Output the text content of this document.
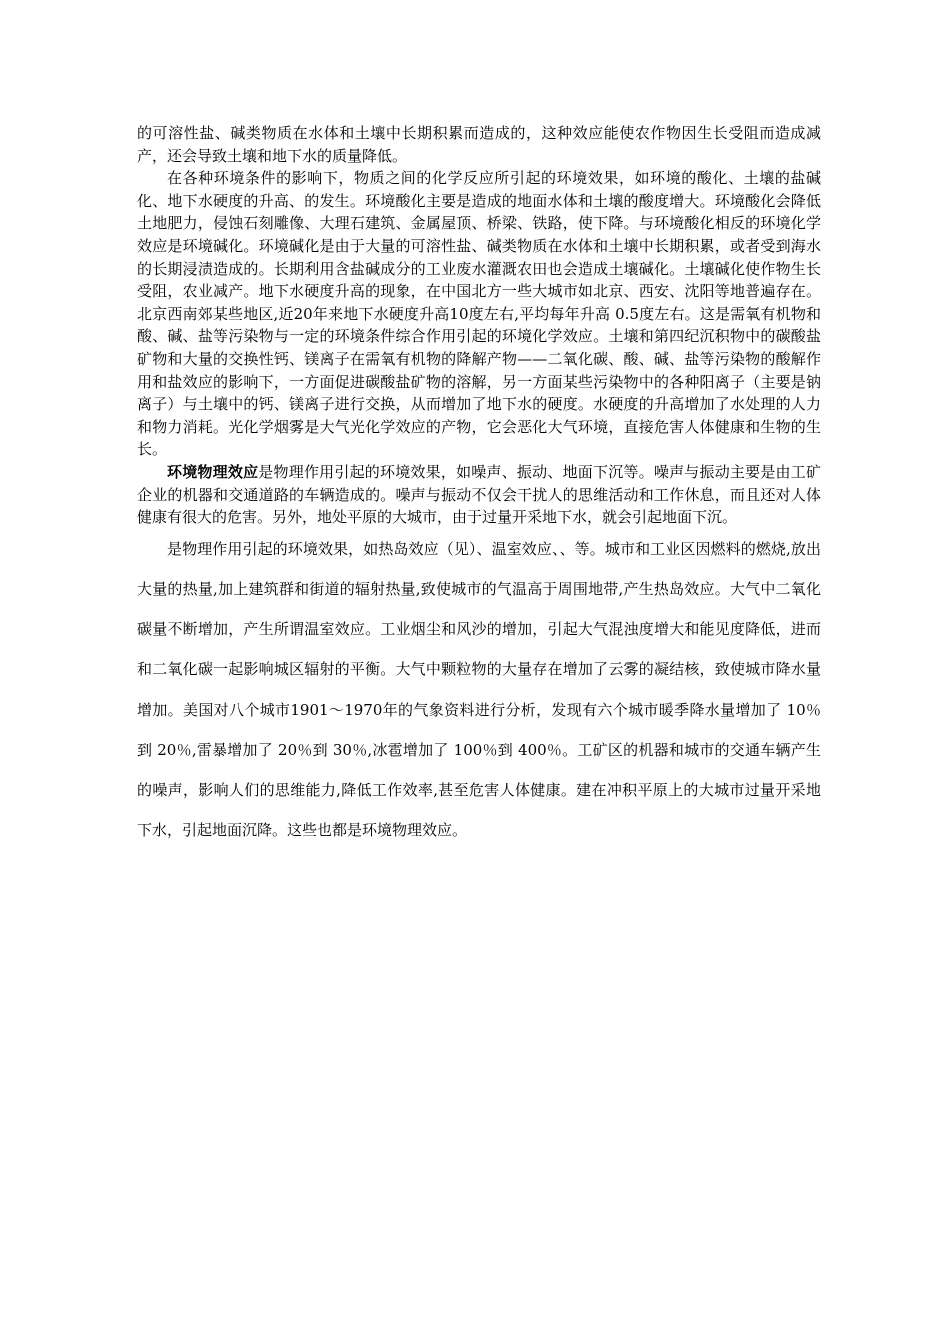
的可溶性盐、碱类物质在水体和土壤中长期积累而造成的，这种效应能使农作物因生长受阻而造成减产，还会导致土壤和地下水的质量降低。

在各种环境条件的影响下，物质之间的化学反应所引起的环境效果，如环境的酸化、土壤的盐碱化、地下水硬度的升高、的发生。环境酸化主要是造成的地面水体和土壤的酸度增大。环境酸化会降低土地肥力，侵蚀石刻雕像、大理石建筑、金属屋顶、桥梁、铁路，使下降。与环境酸化相反的环境化学效应是环境碱化。环境碱化是由于大量的可溶性盐、碱类物质在水体和土壤中长期积累，或者受到海水的长期浸渍造成的。长期利用含盐碱成分的工业废水灌溉农田也会造成土壤碱化。土壤碱化使作物生长受阻，农业减产。地下水硬度升高的现象，在中国北方一些大城市如北京、西安、沈阳等地普遍存在。北京西南郊某些地区,近20年来地下水硬度升高10度左右,平均每年升高 0.5度左右。这是需氧有机物和酸、碱、盐等污染物与一定的环境条件综合作用引起的环境化学效应。土壤和第四纪沉积物中的碳酸盐矿物和大量的交换性钙、镁离子在需氧有机物的降解产物——二氧化碳、酸、碱、盐等污染物的酸解作用和盐效应的影响下，一方面促进碳酸盐矿物的溶解，另一方面某些污染物中的各种阳离子（主要是钠离子）与土壤中的钙、镁离子进行交换，从而增加了地下水的硬度。水硬度的升高增加了水处理的人力和物力消耗。光化学烟雾是大气光化学效应的产物，它会恶化大气环境，直接危害人体健康和生物的生长。

环境物理效应是物理作用引起的环境效果，如噪声、振动、地面下沉等。噪声与振动主要是由工矿企业的机器和交通道路的车辆造成的。噪声与振动不仅会干扰人的思维活动和工作休息，而且还对人体健康有很大的危害。另外，地处平原的大城市，由于过量开采地下水，就会引起地面下沉。

是物理作用引起的环境效果，如热岛效应（见）、温室效应、、等。城市和工业区因燃料的燃烧,放出大量的热量,加上建筑群和街道的辐射热量,致使城市的气温高于周围地带,产生热岛效应。大气中二氧化碳量不断增加，产生所谓温室效应。工业烟尘和风沙的增加，引起大气混浊度增大和能见度降低，进而和二氧化碳一起影响城区辐射的平衡。大气中颗粒物的大量存在增加了云雾的凝结核，致使城市降水量增加。美国对八个城市1901～1970年的气象资料进行分析，发现有六个城市暖季降水量增加了 10％到 20％,雷暴增加了 20％到 30％,冰雹增加了 100％到 400％。工矿区的机器和城市的交通车辆产生的噪声，影响人们的思维能力,降低工作效率,甚至危害人体健康。建在冲积平原上的大城市过量开采地下水，引起地面沉降。这些也都是环境物理效应。
